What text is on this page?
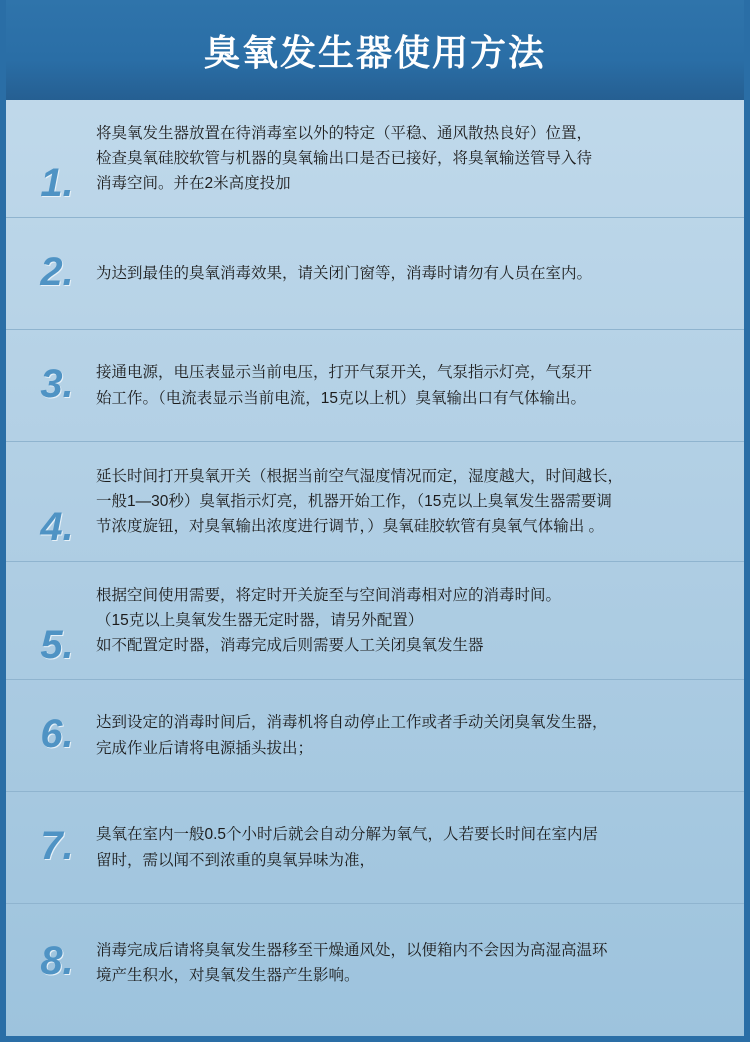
臭氧发生器使用方法
1.

将臭氧发生器放置在待消毒室以外的特定（平稳、通风散热良好）位置，

检查臭氧硅胶软管与机器的臭氧输出口是否已接好，将臭氧输送管导入待

消毒空间。并在2米高度投加

2.	为达到最佳的臭氧消毒效果，请关闭门窗等，消毒时请勿有人员在室内。

3.	接通电源，电压表显示当前电压，打开气泵开关，气泵指示灯亮，气泵开

始工作。（电流表显示当前电流，15克以上机）臭氧输出口有气体输出。

4.

延长时间打开臭氧开关（根据当前空气湿度情况而定，湿度越大，时间越长，

一般1—30秒）臭氧指示灯亮，机器开始工作，（15克以上臭氧发生器需要调

节浓度旋钮，对臭氧输出浓度进行调节，）臭氧硅胶软管有臭氧气体输出 。

5.

根据空间使用需要，将定时开关旋至与空间消毒相对应的消毒时间。

（15克以上臭氧发生器无定时器，请另外配置）

如不配置定时器，消毒完成后则需要人工关闭臭氧发生器

6.	达到设定的消毒时间后，消毒机将自动停止工作或者手动关闭臭氧发生器，

完成作业后请将电源插头拔出；

7.	臭氧在室内一般0.5个小时后就会自动分解为氧气，人若要长时间在室内居

留时，需以闻不到浓重的臭氧异味为准，

8.	消毒完成后请将臭氧发生器移至干燥通风处，以便箱内不会因为高湿高温环

境产生积水，对臭氧发生器产生影响。
